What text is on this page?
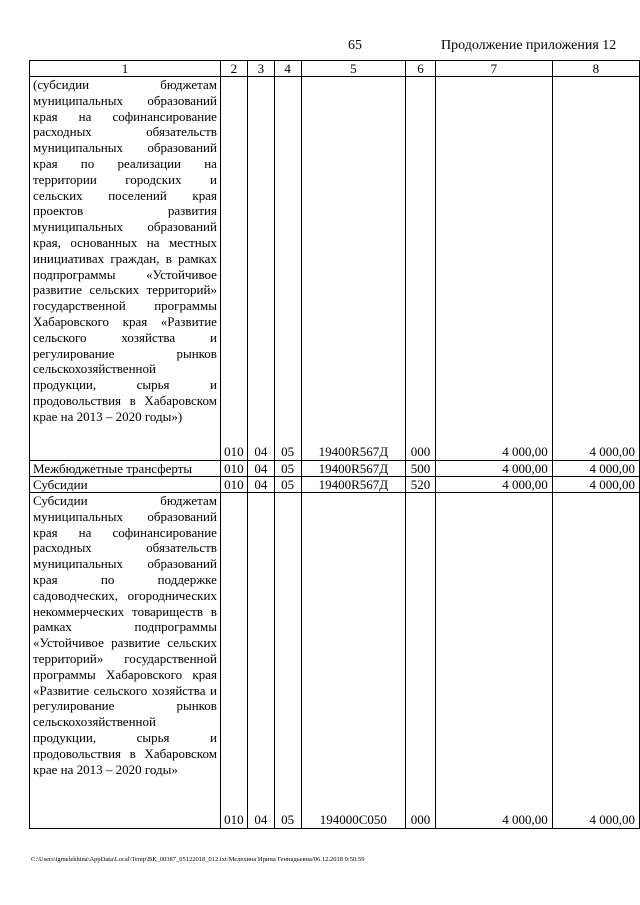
65	Продолжение приложения 12
1	2	3	4	5	6	7	8
(субсидии бюджетам муниципальных образований края на софинансирование расходных обязательств муниципальных образований края по реализации на территории городских и сельских поселений края проектов развития муниципальных образований края, основанных на местных инициативах граждан, в рамках подпрограммы «Устойчивое развитие сельских территорий» государственной программы Хабаровского края «Развитие сельского хозяйства и регулирование рынков сельскохозяйственной продукции, сырья и продовольствия в Хабаровском крае на 2013 – 2020 годы»)	010	04	05	19400R567Д	000	4 000,00	4 000,00
Межбюджетные трансферты	010	04	05	19400R567Д	500	4 000,00	4 000,00
Субсидии	010	04	05	19400R567Д	520	4 000,00	4 000,00
Субсидии бюджетам муниципальных образований края на софинансирование расходных обязательств муниципальных образований края по поддержке садоводческих, огороднических некоммерческих товариществ в рамках подпрограммы «Устойчивое развитие сельских территорий» государственной программы Хабаровского края «Развитие сельского хозяйства и регулирование рынков сельскохозяйственной продукции, сырья и продовольствия в Хабаровском крае на 2013 – 2020 годы»	010	04	05	194000С050	000	4 000,00	4 000,00
C:\Users\igmelekhina\AppData\Local\Temp\ВК_00387_05122018_012.txt/Мелехина Ирина Геннадьевна/06.12.2018 9:50:59
